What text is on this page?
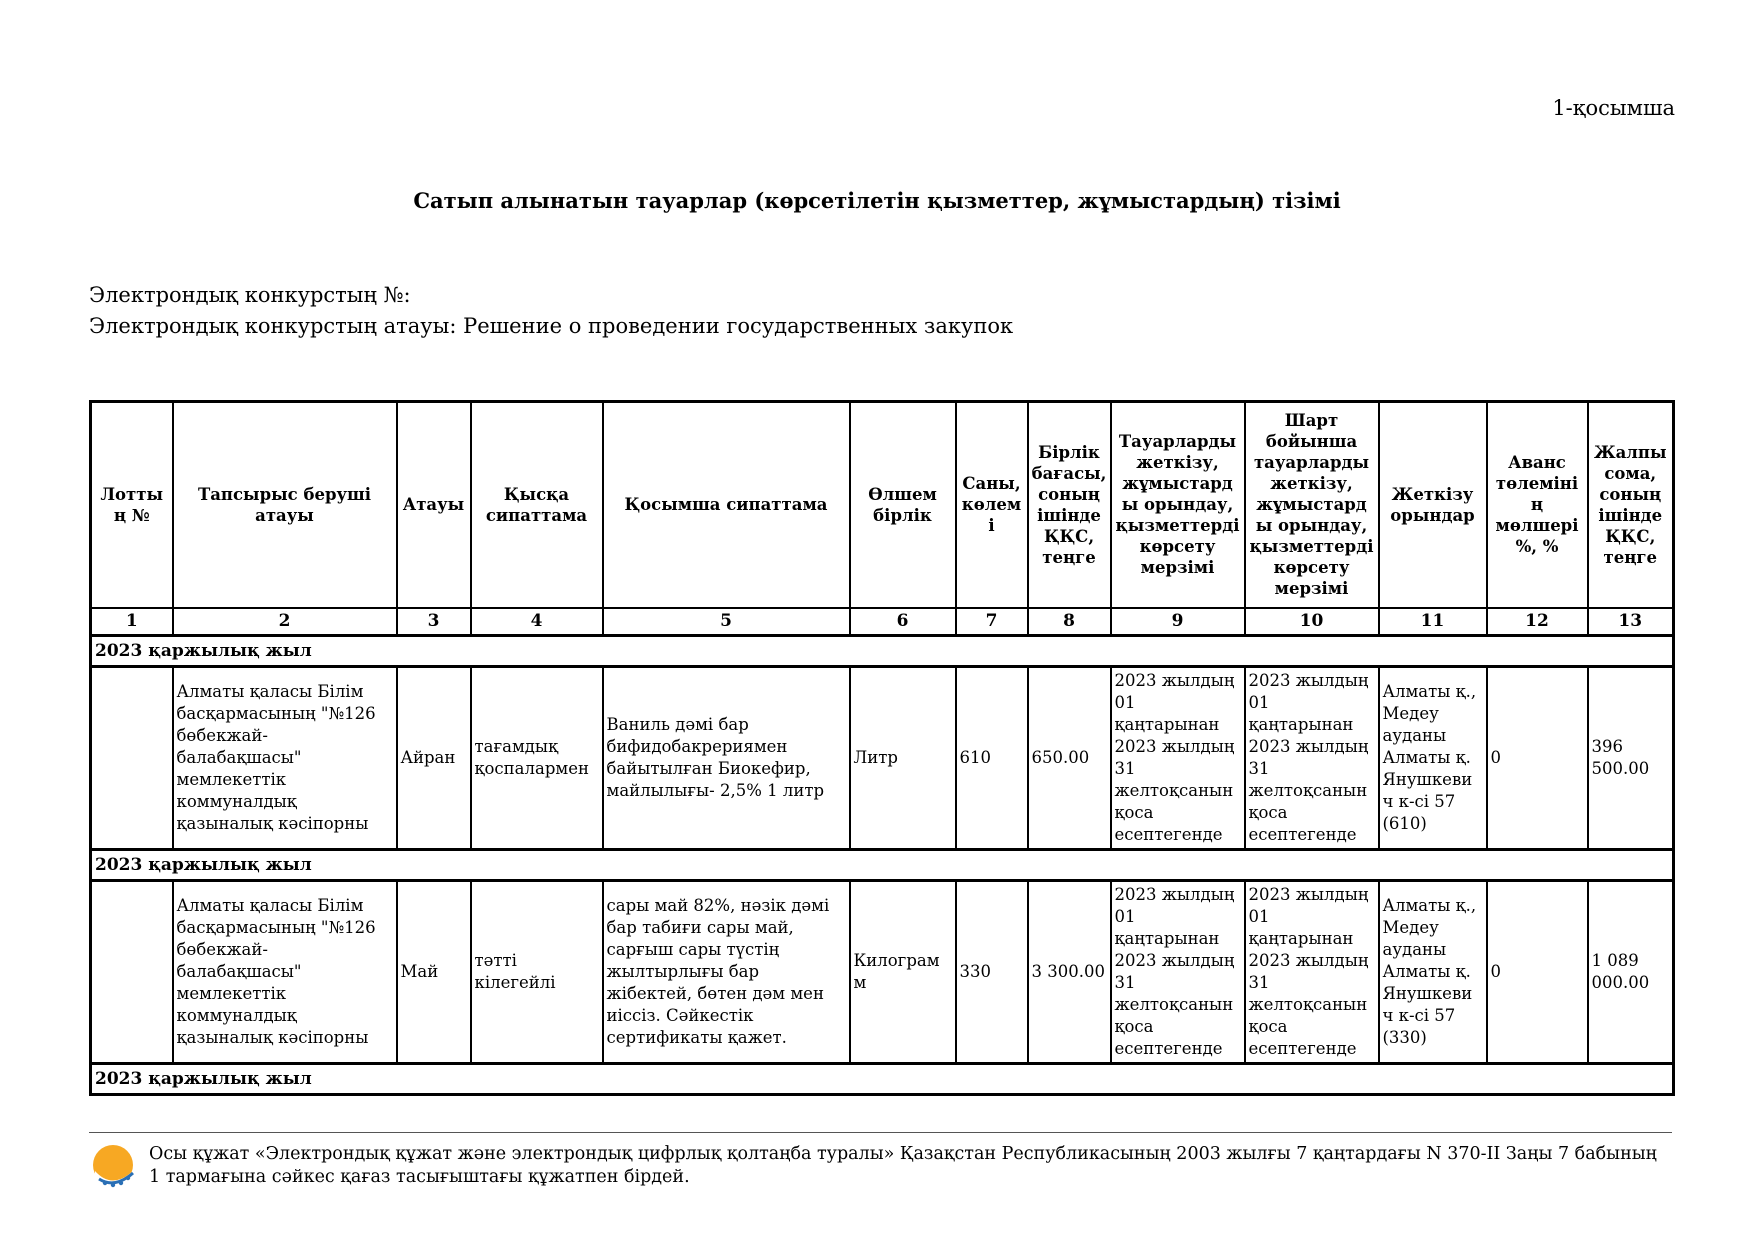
1-қосымша
Сатып алынатын тауарлар (көрсетілетін қызметтер, жұмыстардың) тізімі
Электрондық конкурстың №:
Электрондық конкурстың атауы: Решение о проведении государственных закупок
Лоттың №	Тапсырыс беруші атауы	Атауы	Қысқа сипаттама	Қосымша сипаттама	Өлшем бірлік	Саны, көлемі	Бірлік бағасы, соның ішінде ҚҚС, теңге	Тауарларды жеткізу, жұмыстарды орындау, қызметтерді көрсету мерзімі	Шарт бойынша тауарларды жеткізу, жұмыстарды орындау, қызметтерді көрсету мерзімі	Жеткізу орындар	Аванс төлемінің мөлшері %, %	Жалпы сома, соның ішінде ҚҚС, теңге
1	2	3	4	5	6	7	8	9	10	11	12	13
2023 қаржылық жыл												
	Алматы қаласы Білім басқармасының "№126 бөбекжай-балабақшасы" мемлекеттік коммуналдық қазыналық кәсіпорны	Айран	тағамдық қоспалармен	Ваниль дәмі бар бифидобакрериямен байытылған Биокефир, майлылығы- 2,5% 1 литр	Литр	610	650.00	2023 жылдың 01 қаңтарынан 2023 жылдың 31 желтоқсанын қоса есептегенде	2023 жылдың 01 қаңтарынан 2023 жылдың 31 желтоқсанын қоса есептегенде	Алматы қ., Медеу ауданы Алматы қ. Янушкевич к-сі 57 (610)	0	396 500.00
2023 қаржылық жыл												
	Алматы қаласы Білім басқармасының "№126 бөбекжай-балабақшасы" мемлекеттік коммуналдық қазыналық кәсіпорны	Май	тәтті кілегейлі	сары май 82%, нәзік дәмі бар табиғи сары май, сарғыш сары түстің жылтырлығы бар жібектей, бөтен дәм мен иіссіз. Сәйкестік сертификаты қажет.	Килограмм	330	3 300.00	2023 жылдың 01 қаңтарынан 2023 жылдың 31 желтоқсанын қоса есептегенде	2023 жылдың 01 қаңтарынан 2023 жылдың 31 желтоқсанын қоса есептегенде	Алматы қ., Медеу ауданы Алматы қ. Янушкевич к-сі 57 (330)	0	1 089 000.00
2023 қаржылық жыл												
Осы құжат «Электрондық құжат және электрондық цифрлық қолтаңба туралы» Қазақстан Республикасының 2003 жылғы 7 қаңтардағы N 370-II Заңы 7 бабының 1 тармағына сәйкес қағаз тасығыштағы құжатпен бірдей.
